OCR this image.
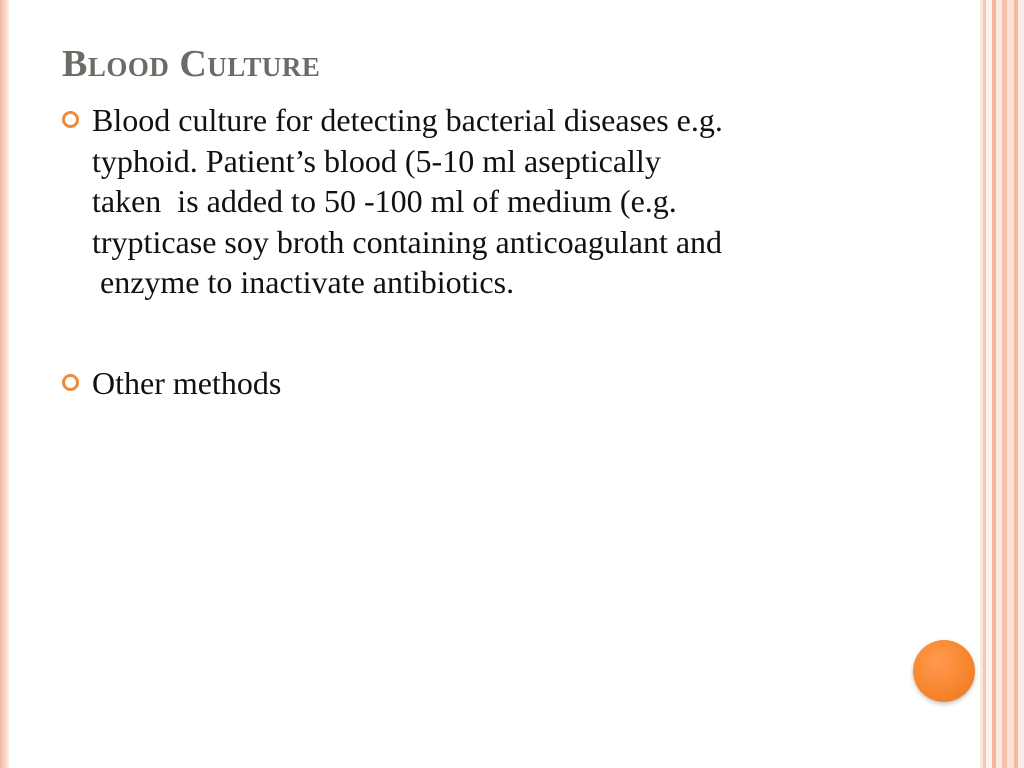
Blood Culture
Blood culture for detecting bacterial diseases e.g.
typhoid. Patient’s blood (5-10 ml aseptically
taken  is added to 50 -100 ml of medium (e.g.
trypticase soy broth containing anticoagulant and
enzyme to inactivate antibiotics.
Other methods
